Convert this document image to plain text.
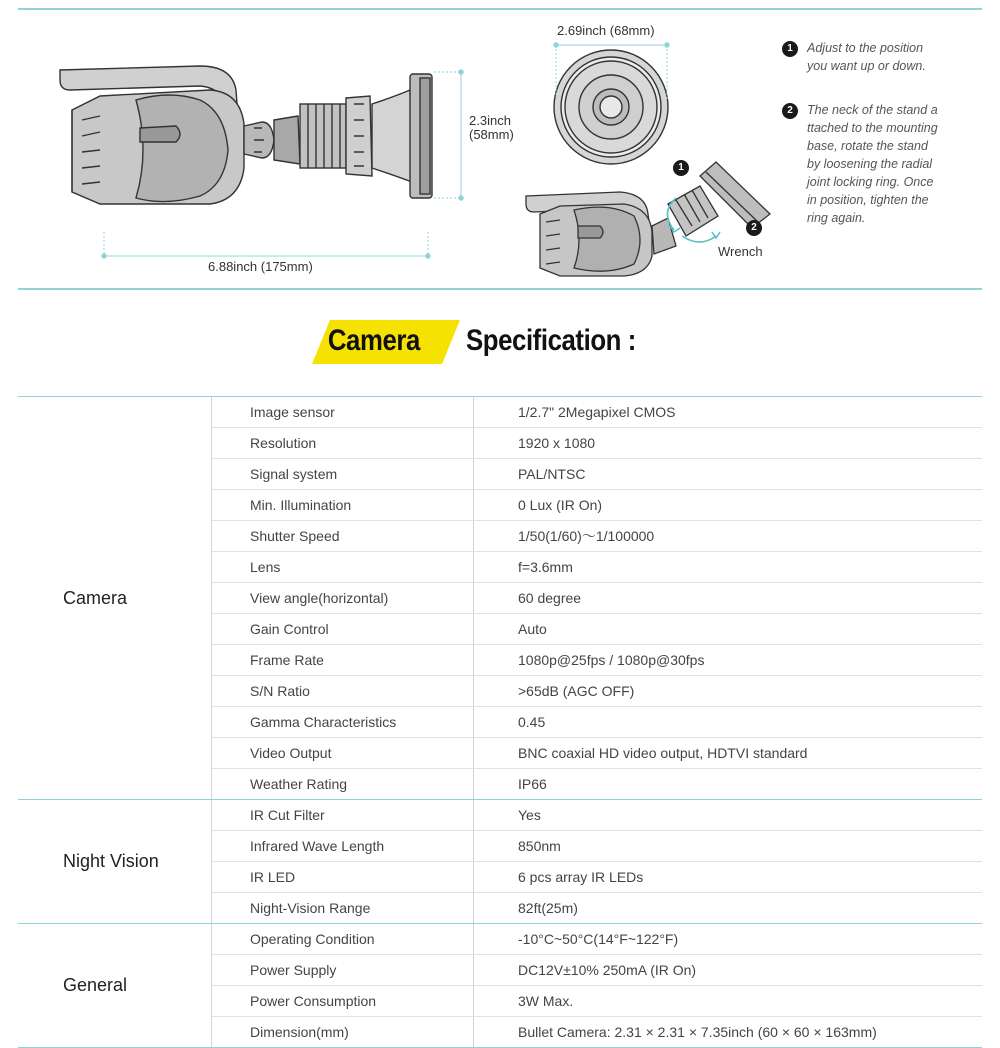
6.88inch (175mm)
2.3inch
(58mm)
2.69inch (68mm)
Wrench
1
2
1	Adjust to the position
you want up or down.
2	The neck of the stand a
ttached to the mounting
base, rotate the stand
by loosening the radial
joint locking ring. Once
in position, tighten the
ring again.
Camera	Specification :
Camera
Image sensor	1/2.7" 2Megapixel CMOS
Resolution	1920 x 1080
Signal system	PAL/NTSC
Min. Illumination	0 Lux (IR On)
Shutter Speed	1/50(1/60)～1/100000
Lens	f=3.6mm
View angle(horizontal)	60 degree
Gain Control	Auto
Frame Rate	1080p@25fps / 1080p@30fps
S/N Ratio	>65dB (AGC OFF)
Gamma Characteristics	0.45
Video Output	BNC coaxial HD video output, HDTVI standard
Weather Rating	IP66
Night Vision
IR Cut Filter	Yes
Infrared Wave Length	850nm
IR LED	6 pcs array IR LEDs
Night-Vision Range	82ft(25m)
General
Operating Condition	-10°C~50°C(14°F~122°F)
Power Supply	DC12V±10% 250mA (IR On)
Power Consumption	3W Max.
Dimension(mm)	Bullet Camera: 2.31 × 2.31 × 7.35inch (60 × 60 × 163mm)
